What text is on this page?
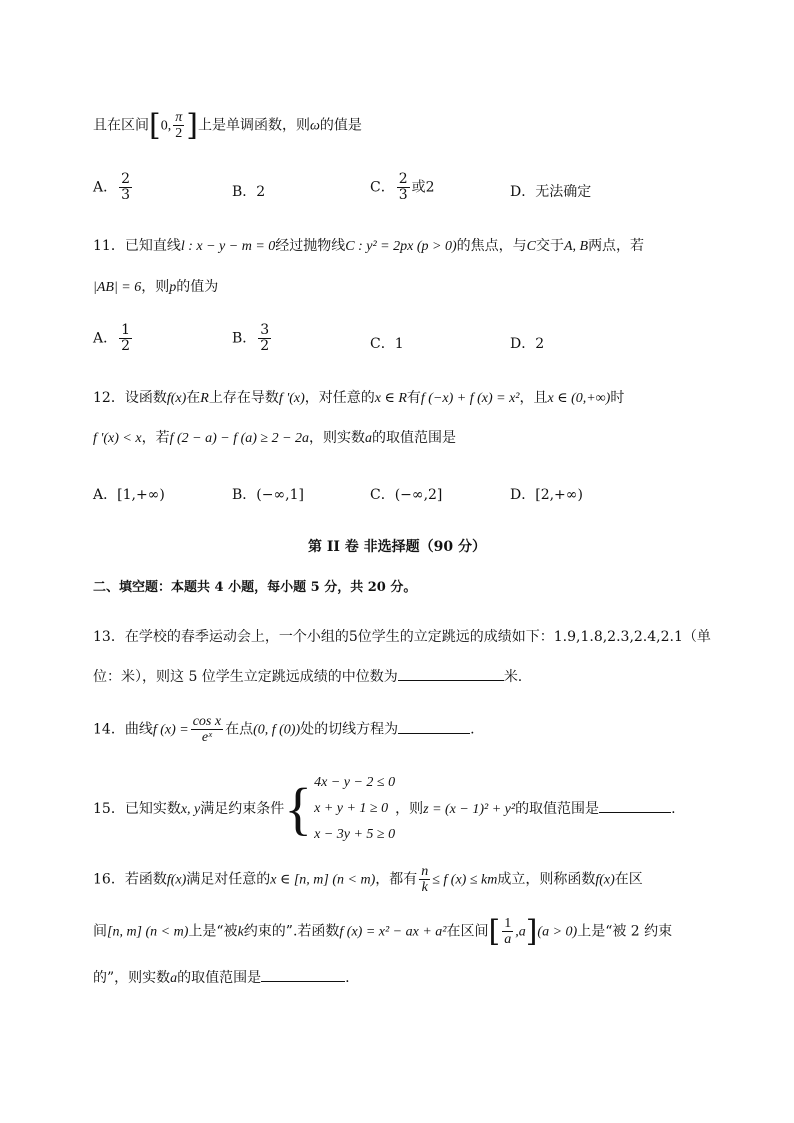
且在区间[0, $\frac{\pi}{2}$ ]上是单调函数，则ω的值是
A． $\frac{2}{3}$	B．2	C． $\frac{2}{3}$ 或2	D．无法确定
11．已知直线l : x − y − m = 0经过抛物线C : y² = 2px (p > 0)的焦点，与C交于A, B两点，若
|AB| = 6，则p的值为
A． $\frac{1}{2}$	B． $\frac{3}{2}$	C．1	D．2
12．设函数f(x)在R上存在导数f '(x)，对任意的x ∈ R有f (−x) + f (x) = x²，且x ∈ (0,+∞)时
f '(x) < x，若f (2 − a) − f (a) ≥ 2 − 2a，则实数a的取值范围是
A．[1,+∞)	B．(−∞,1]	C．(−∞,2]	D．[2,+∞)
第 II 卷 非选择题（90 分）
二、填空题：本题共 4 小题，每小题 5 分，共 20 分。
13．在学校的春季运动会上，一个小组的5位学生的立定跳远的成绩如下：1.9,1.8,2.3,2.4,2.1（单
位：米），则这 5 位学生立定跳远成绩的中位数为	米.
14．曲线f $(x) = \frac{\text{cos x}}{\text{eˣ}}$ 在点(0, f (0))处的切线方程为	.
15．已知实数x, y满足约束条件 { 4x − y − 2 ≤ 0
x + y + 1 ≥ 0
x − 3y + 5 ≥ 0
，则z = (x − 1)² + y²的取值范围是	.
16．若函数f(x)满足对任意的x ∈ [n, m] (n < m)，都有 $\frac{n}{k} \le f$ (x) ≤ km成立，则称函数f(x)在区
间[n, m] (n < m)上是“被k约束的”.若函数f (x) = x² − ax + a²在区间[ $\frac{1}{a} ,a](a > 0)$上是“被 2 约束
的”，则实数a的取值范围是	.
